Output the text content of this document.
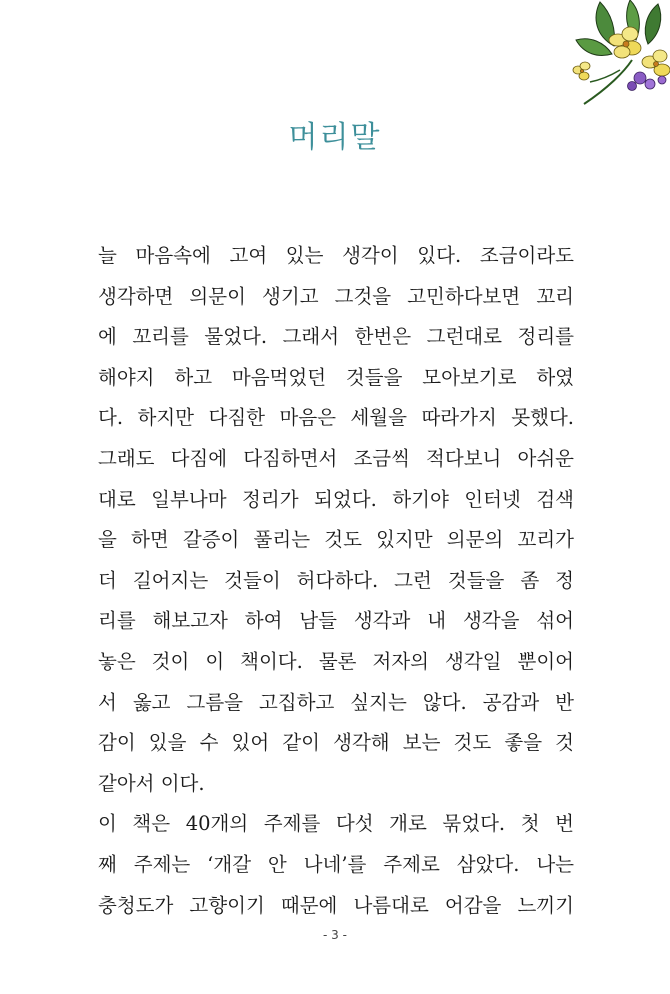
머리말
늘 마음속에 고여 있는 생각이 있다. 조금이라도
생각하면 의문이 생기고 그것을 고민하다보면 꼬리
에 꼬리를 물었다. 그래서 한번은 그런대로 정리를
해야지 하고 마음먹었던 것들을 모아보기로 하였
다. 하지만 다짐한 마음은 세월을 따라가지 못했다.
그래도 다짐에 다짐하면서 조금씩 적다보니 아쉬운
대로 일부나마 정리가 되었다. 하기야 인터넷 검색
을 하면 갈증이 풀리는 것도 있지만 의문의 꼬리가
더 길어지는 것들이 허다하다. 그런 것들을 좀 정
리를 해보고자 하여 남들 생각과 내 생각을 섞어
놓은 것이 이 책이다. 물론 저자의 생각일 뿐이어
서 옳고 그름을 고집하고 싶지는 않다. 공감과 반
감이 있을 수 있어 같이 생각해 보는 것도 좋을 것
같아서 이다.
이 책은 40개의 주제를 다섯 개로 묶었다. 첫 번
째 주제는 ‘개갈 안 나네’를 주제로 삼았다. 나는
충청도가 고향이기 때문에 나름대로 어감을 느끼기
- 3 -
